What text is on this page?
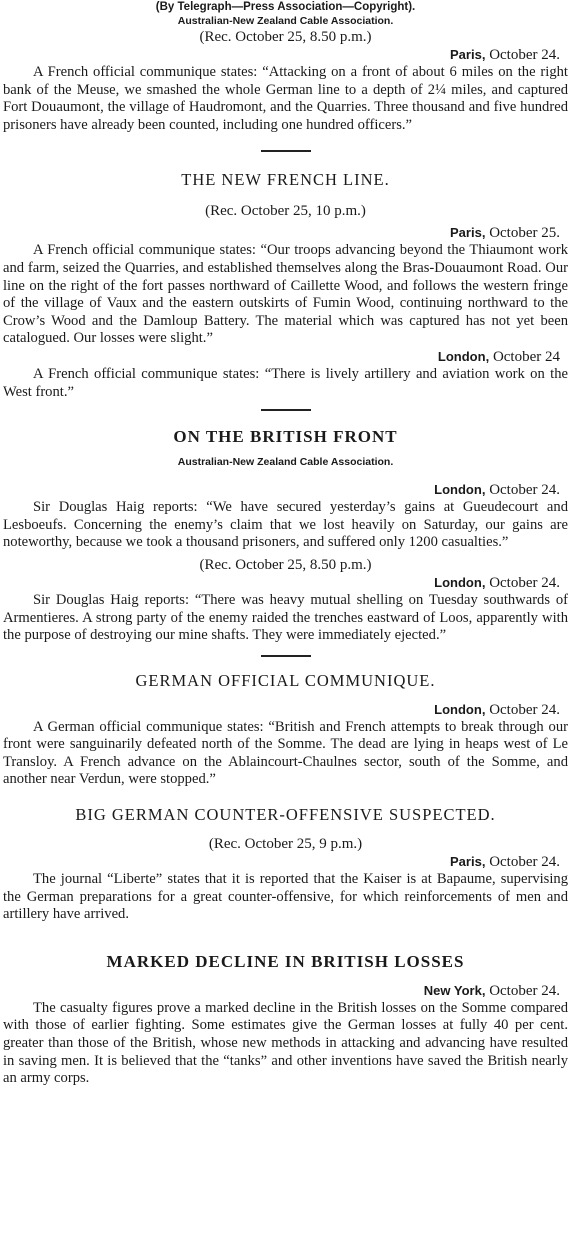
(By Telegraph—Press Association—Copyright).
Australian-New Zealand Cable Association.
(Rec. October 25, 8.50 p.m.)
Paris, October 24.

A French official communique states: “Attacking on a front of about 6 miles on the right bank of the Meuse, we smashed the whole German line to a depth of 2¼ miles, and captured Fort Douaumont, the village of Haudromont, and the Quarries. Three thousand and five hundred prisoners have already been counted, including one hundred officers.”

THE NEW FRENCH LINE.
(Rec. October 25, 10 p.m.)
Paris, October 25.

A French official communique states: “Our troops advancing beyond the Thiaumont work and farm, seized the Quarries, and established themselves along the Bras-Douaumont Road. Our line on the right of the fort passes northward of Caillette Wood, and follows the western fringe of the village of Vaux and the eastern outskirts of Fumin Wood, continuing northward to the Crow’s Wood and the Damloup Battery. The material which was captured has not yet been catalogued. Our losses were slight.”

London, October 24

A French official communique states: “There is lively artillery and aviation work on the West front.”

ON THE BRITISH FRONT
Australian-New Zealand Cable Association.
London, October 24.

Sir Douglas Haig reports: “We have secured yesterday’s gains at Gueudecourt and Lesboeufs. Concerning the enemy’s claim that we lost heavily on Saturday, our gains are noteworthy, because we took a thousand prisoners, and suffered only 1200 casualties.”

(Rec. October 25, 8.50 p.m.)
London, October 24.

Sir Douglas Haig reports: “There was heavy mutual shelling on Tuesday southwards of Armentieres. A strong party of the enemy raided the trenches eastward of Loos, apparently with the purpose of destroying our mine shafts. They were immediately ejected.”

GERMAN OFFICIAL COMMUNIQUE.
London, October 24.

A German official communique states: “British and French attempts to break through our front were sanguinarily defeated north of the Somme. The dead are lying in heaps west of Le Transloy. A French advance on the Ablaincourt-Chaulnes sector, south of the Somme, and another near Verdun, were stopped.”

BIG GERMAN COUNTER-OFFENSIVE SUSPECTED.
(Rec. October 25, 9 p.m.)
Paris, October 24.

The journal “Liberte” states that it is reported that the Kaiser is at Bapaume, supervising the German preparations for a great counter-offensive, for which reinforcements of men and artillery have arrived.

MARKED DECLINE IN BRITISH LOSSES
New York, October 24.

The casualty figures prove a marked decline in the British losses on the Somme compared with those of earlier fighting. Some estimates give the German losses at fully 40 per cent. greater than those of the British, whose new methods in attacking and advancing have resulted in saving men. It is believed that the “tanks” and other inventions have saved the British nearly an army corps.
